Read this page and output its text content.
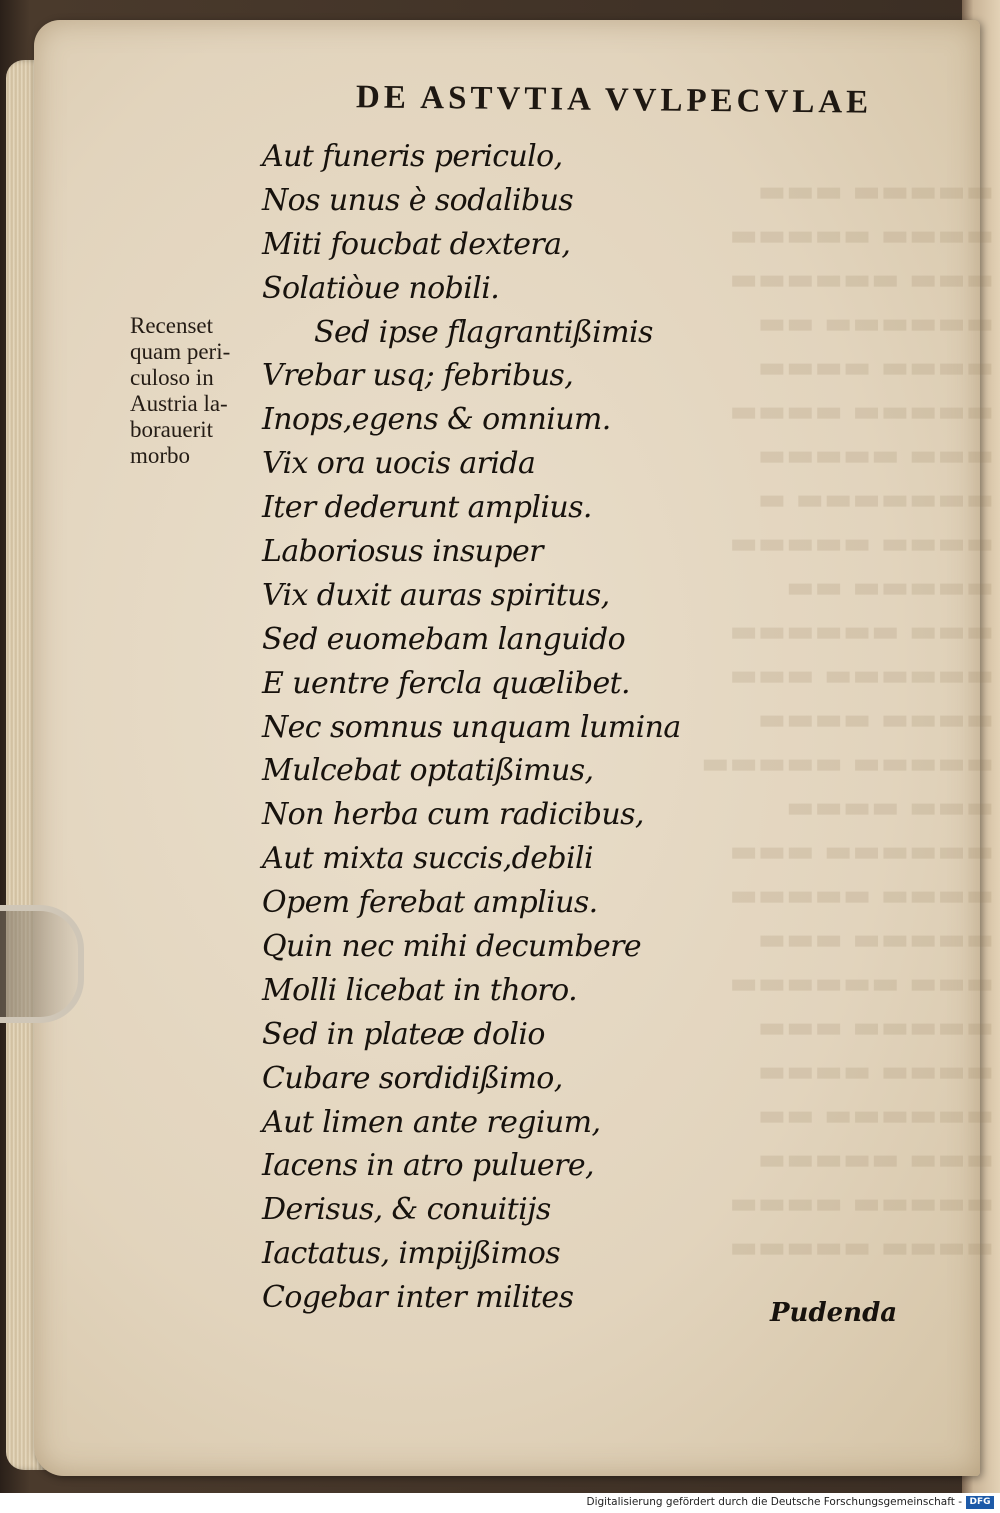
▬▬▬▬▬ ▬▬▬
▬▬▬▬ ▬▬▬▬▬
▬▬▬ ▬▬▬▬▬▬
▬▬▬▬▬▬ ▬▬
▬▬▬▬ ▬▬▬▬
▬▬▬▬▬ ▬▬▬▬
▬▬▬ ▬▬▬▬▬
▬▬▬▬▬▬▬ ▬
▬▬▬▬ ▬▬▬▬▬
▬▬▬▬▬ ▬▬
▬▬▬ ▬▬▬▬▬▬
▬▬▬▬▬▬ ▬▬▬
▬▬▬▬ ▬▬▬▬
▬▬▬▬▬ ▬▬▬▬▬
▬▬▬ ▬▬▬▬
▬▬▬▬▬▬ ▬▬▬
▬▬▬▬ ▬▬▬▬▬
▬▬▬▬▬ ▬▬▬
▬▬▬ ▬▬▬▬▬▬
▬▬▬▬▬ ▬▬▬
▬▬▬▬ ▬▬▬▬
▬▬▬▬▬▬ ▬▬
▬▬▬ ▬▬▬▬▬
▬▬▬▬▬ ▬▬▬▬
▬▬▬▬ ▬▬▬▬▬
DE ASTVTIA VVLPECVLAE
Recenset
quam peri-
culoso in
Austria la-
borauerit
morbo
Aut funeris periculo,
Nos unus è sodalibus
Miti foucbat dextera,
Solatiòue nobili.
Sed ipse flagrantißimis
Vrebar usq; febribus,
Inops,egens & omnium.
Vix ora uocis arida
Iter dederunt amplius.
Laboriosus insuper
Vix duxit auras spiritus,
Sed euomebam languido
E uentre fercla quælibet.
Nec somnus unquam lumina
Mulcebat optatißimus,
Non herba cum radicibus,
Aut mixta succis,debili
Opem ferebat amplius.
Quin nec mihi decumbere
Molli licebat in thoro.
Sed in plateæ dolio
Cubare sordidißimo,
Aut limen ante regium,
Iacens in atro puluere,
Derisus, & conuitijs
Iactatus, impijßimos
Cogebar inter milites	Pudenda
Digitalisierung gefördert durch die Deutsche Forschungsgemeinschaft - DFG
